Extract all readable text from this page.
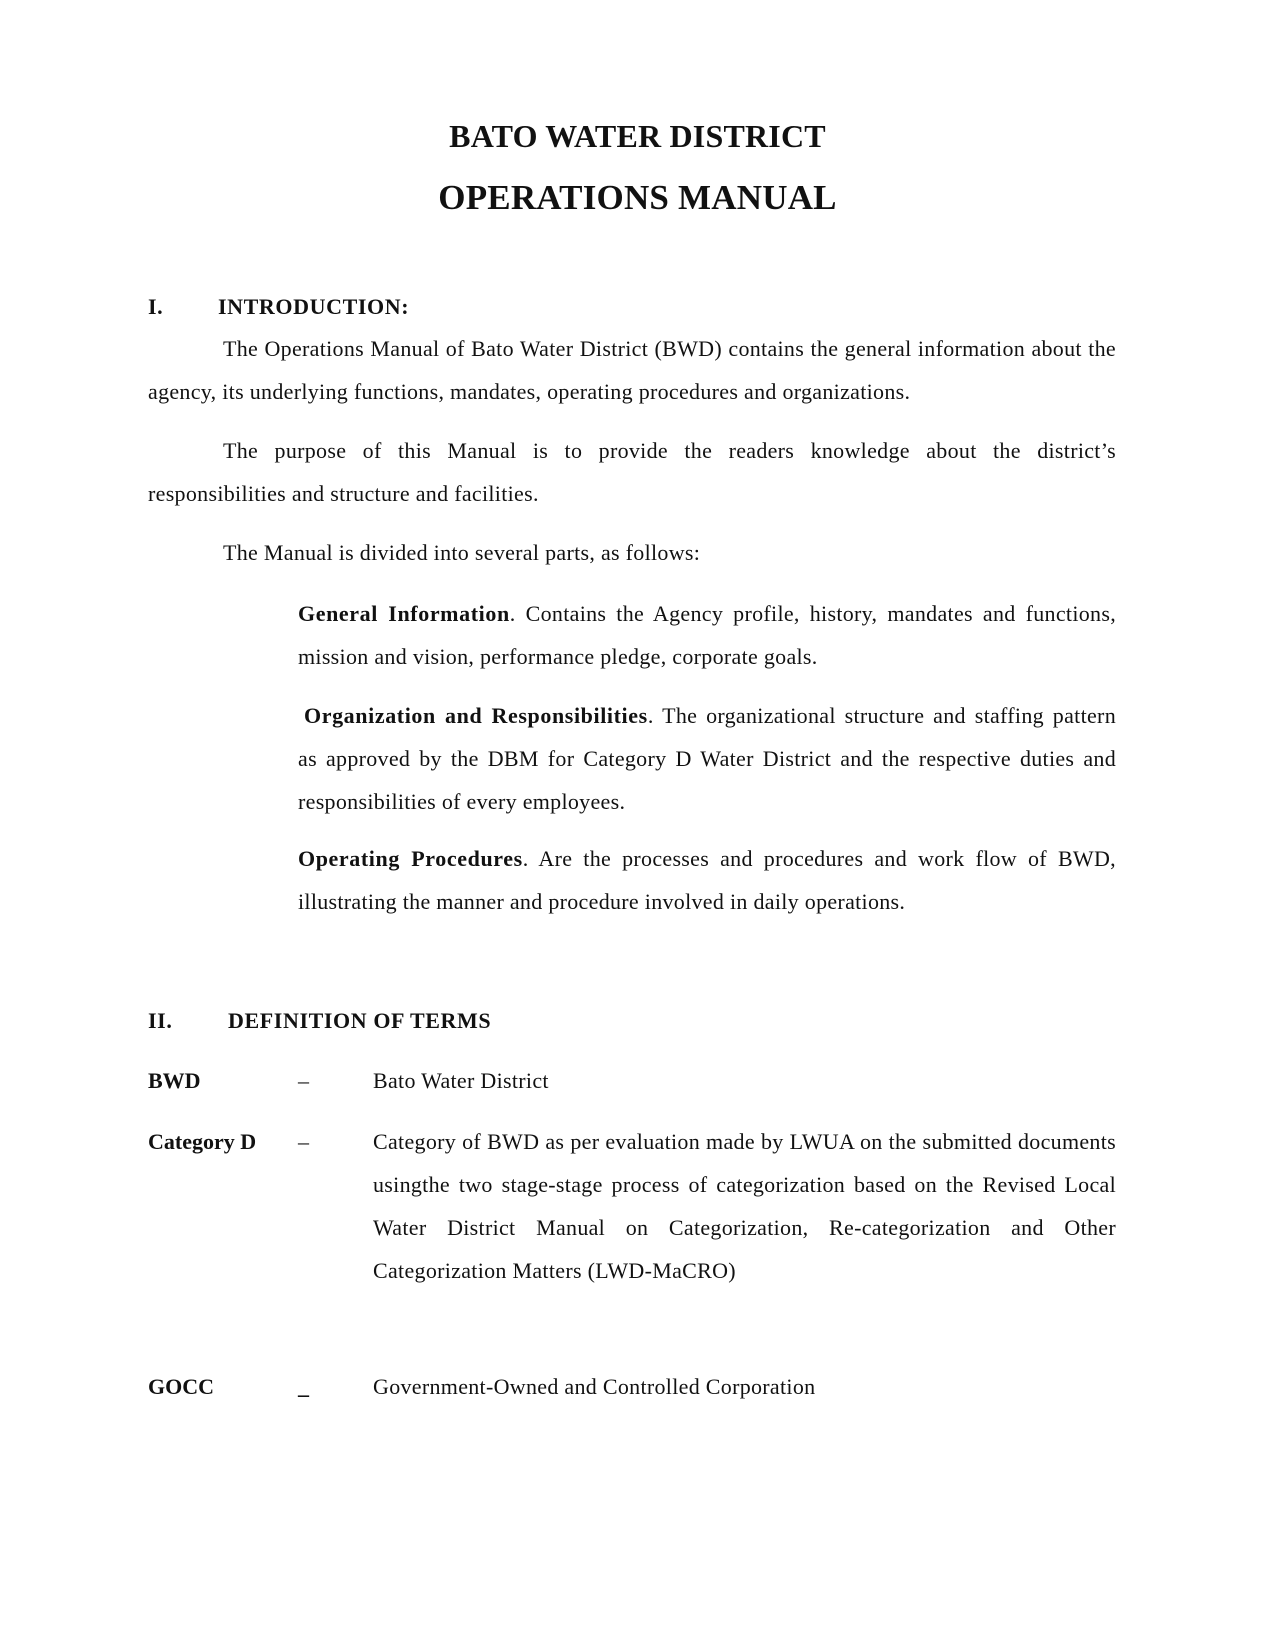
BATO WATER DISTRICT
OPERATIONS MANUAL
I. INTRODUCTION:
The Operations Manual of Bato Water District (BWD) contains the general information about the agency, its underlying functions, mandates, operating procedures and organizations.
The purpose of this Manual is to provide the readers knowledge about the district’s responsibilities and structure and facilities.
The Manual is divided into several parts, as follows:
General Information. Contains the Agency profile, history, mandates and functions, mission and vision, performance pledge, corporate goals.
Organization and Responsibilities. The organizational structure and staffing pattern as approved by the DBM for Category D Water District and the respective duties and responsibilities of every employees.
Operating Procedures. Are the processes and procedures and work flow of BWD, illustrating the manner and procedure involved in daily operations.
II.	DEFINITION OF TERMS
BWD	–	Bato Water District
Category D –	Category of BWD as per evaluation made by LWUA on the submitted documents usingthe two stage-stage process of categorization based on the Revised Local Water District Manual on Categorization, Re-categorization and Other Categorization Matters (LWD-MaCRO)
GOCC	_	Government-Owned and Controlled Corporation
